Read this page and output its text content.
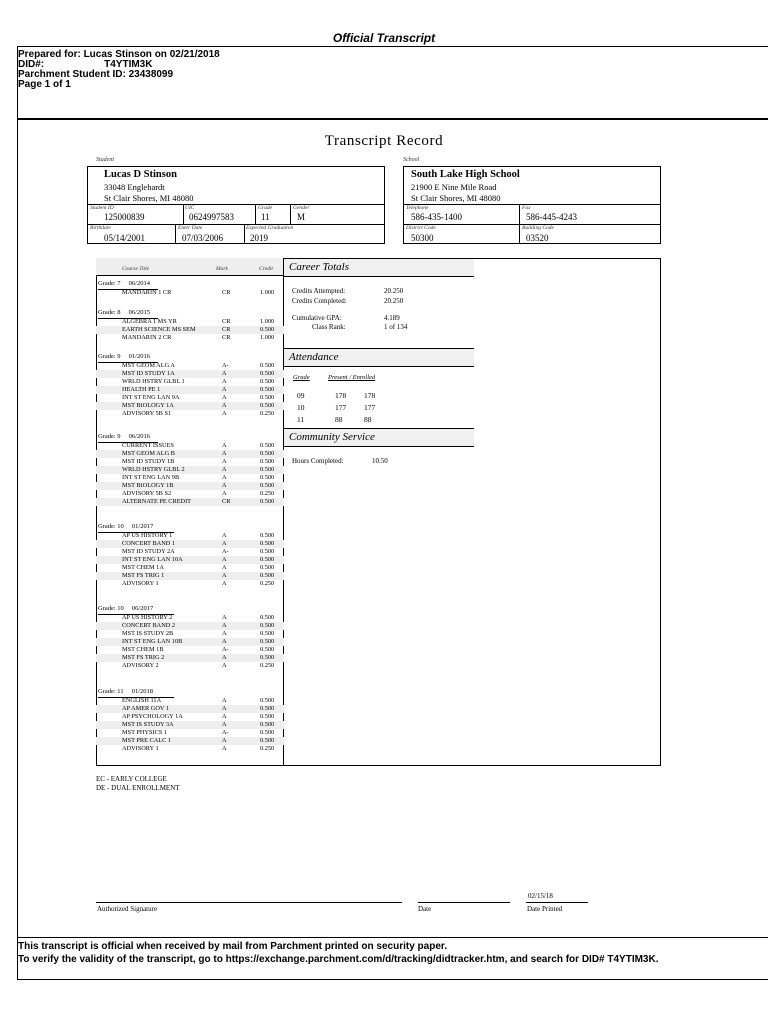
Official Transcript
Prepared for: Lucas Stinson on 02/21/2018
DID#:	T4YTIM3K
Parchment Student ID: 23438099
Page 1 of 1
Transcript Record
Student
Lucas D Stinson
33048 Englehardt
St Clair Shores, MI 48080
Student ID
125000839
UIC
0624997583
Grade
11
Gender
M
Birthdate
05/14/2001
Enter Date
07/03/2006
Expected Graduation
2019
School
South Lake High School
21900 E Nine Mile Road
St Clair Shores, MI 48080
Telephone
586-435-1400
Fax
586-445-4243
District Code
50300
Building Code
03520
Course Title	Mark	Credit
Grade: 7     06/2014
MANDARIN 1 CR	CR	1.000
Grade: 8     06/2015
ALGEBRA 1 MS YR	CR	1.000
EARTH SCIENCE MS SEM	CR	0.500
MANDARIN 2 CR	CR	1.000
Grade: 9     01/2016
MST GEOM ALG A	A-	0.500
MST ID STUDY 1A	A	0.500
WRLD HSTRY GLBL 1	A	0.500
HEALTH PE 1	A	0.500
INT ST ENG LAN 9A	A	0.500
MST BIOLOGY 1A	A	0.500
ADVISORY 5B S1	A	0.250
Grade: 9     06/2016
CURRENT ISSUES	A	0.500
MST GEOM ALG B	A	0.500
MST ID STUDY 1B	A	0.500
WRLD HSTRY GLBL 2	A	0.500
INT ST ENG LAN 9B	A	0.500
MST BIOLOGY 1B	A	0.500
ADVISORY 5B S2	A	0.250
ALTERNATE PE CREDIT	CR	0.500
Grade: 10     01/2017
AP US HISTORY 1	A	0.500
CONCERT BAND 1	A	0.500
MST ID STUDY 2A	A-	0.500
INT ST ENG LAN 10A	A	0.500
MST CHEM 1A	A	0.500
MST FS TRIG 1	A	0.500
ADVISORY 1	A	0.250
Grade: 10     06/2017
AP US HISTORY 2	A	0.500
CONCERT BAND 2	A	0.500
MST IS STUDY 2B	A	0.500
INT ST ENG LAN 10B	A	0.500
MST CHEM 1B	A-	0.500
MST FS TRIG 2	A	0.500
ADVISORY 2	A	0.250
Grade: 11     01/2018
ENGLISH 11A	A	0.500
AP AMER GOV 1	A	0.500
AP PSYCHOLOGY 1A	A	0.500
MST IS STUDY 3A	A	0.500
MST PHYSICS 1	A-	0.500
MST PRE CALC 1	A	0.500
ADVISORY 1	A	0.250
Career Totals
Credits Attempted:	20.250
Credits Completed:	20.250
Cumulative GPA:	4.189
Class Rank:	1 of 134
Attendance
Grade	Present / Enrolled
09	178 178
10	177 177
11	88	88
Community Service
Hours Completed:	10.50
EC - EARLY COLLEGE
DE - DUAL ENROLLMENT
Authorized Signature	Date
02/15/18
Date Printed
This transcript is official when received by mail from Parchment printed on security paper.
To verify the validity of the transcript, go to https://exchange.parchment.com/d/tracking/didtracker.htm, and search for DID# T4YTIM3K.
